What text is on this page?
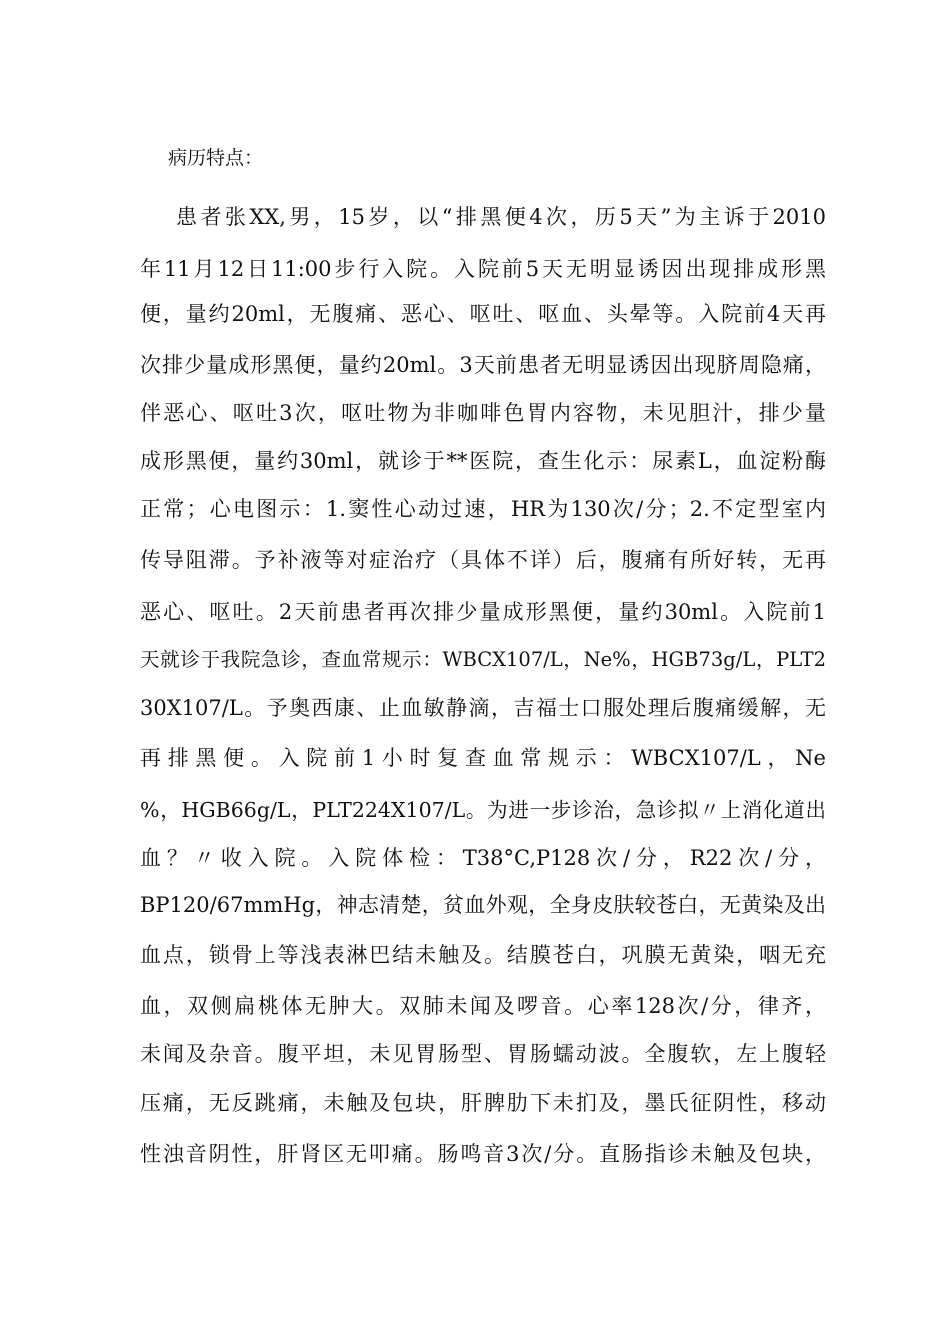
病历特点：
患者张XX,男，15岁，以“排黑便4次，历5天”为主诉于2010
年11月12日11:00步行入院。入院前5天无明显诱因出现排成形黑
便，量约20ml，无腹痛、恶心、呕吐、呕血、头晕等。入院前4天再
次排少量成形黑便，量约20ml。3天前患者无明显诱因出现脐周隐痛，
伴恶心、呕吐3次，呕吐物为非咖啡色胃内容物，未见胆汁，排少量
成形黑便，量约30ml，就诊于**医院，查生化示：尿素L，血淀粉酶
正常；心电图示：1.窦性心动过速，HR为130次/分；2.不定型室内
传导阻滞。予补液等对症治疗（具体不详）后，腹痛有所好转，无再
恶心、呕吐。2天前患者再次排少量成形黑便，量约30ml。入院前1
天就诊于我院急诊，查血常规示：WBCX107/L，Ne%，HGB73g/L，PLT2
30X107/L。予奥西康、止血敏静滴，吉福士口服处理后腹痛缓解，无
再排黑便。入院前1小时复查血常规示：WBCX107/L，Ne
%，HGB66g/L，PLT224X107/L。为进一步诊治，急诊拟〃上消化道出
血？〃收入院。入院体检：T38°C,P128次/分，R22次/分，
BP120/67mmHg，神志清楚，贫血外观，全身皮肤较苍白，无黄染及出
血点，锁骨上等浅表淋巴结未触及。结膜苍白，巩膜无黄染，咽无充
血，双侧扁桃体无肿大。双肺未闻及啰音。心率128次/分，律齐，
未闻及杂音。腹平坦，未见胃肠型、胃肠蠕动波。全腹软，左上腹轻
压痛，无反跳痛，未触及包块，肝脾肋下未扪及，墨氏征阴性，移动
性浊音阴性，肝肾区无叩痛。肠鸣音3次/分。直肠指诊未触及包块，
